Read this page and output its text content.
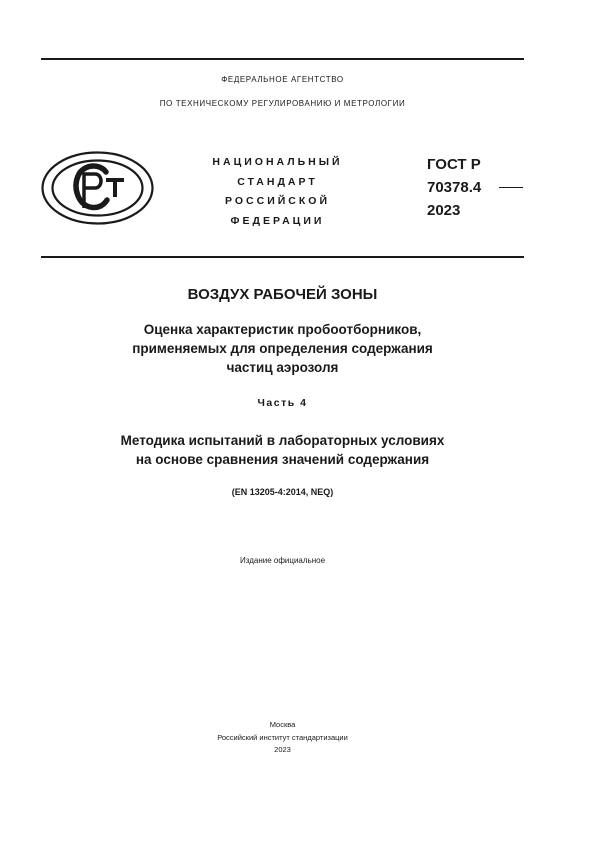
ФЕДЕРАЛЬНОЕ АГЕНТСТВО
ПО ТЕХНИЧЕСКОМУ РЕГУЛИРОВАНИЮ И МЕТРОЛОГИИ
НАЦИОНАЛЬНЫЙ
СТАНДАРТ
РОССИЙСКОЙ
ФЕДЕРАЦИИ
ГОСТ Р
70378.4
2023
ВОЗДУХ РАБОЧЕЙ ЗОНЫ
Оценка характеристик пробоотборников,
применяемых для определения содержания
частиц аэрозоля
Часть 4
Методика испытаний в лабораторных условиях
на основе сравнения значений содержания
(EN 13205-4:2014, NEQ)
Издание официальное
Москва
Российский институт стандартизации
2023
